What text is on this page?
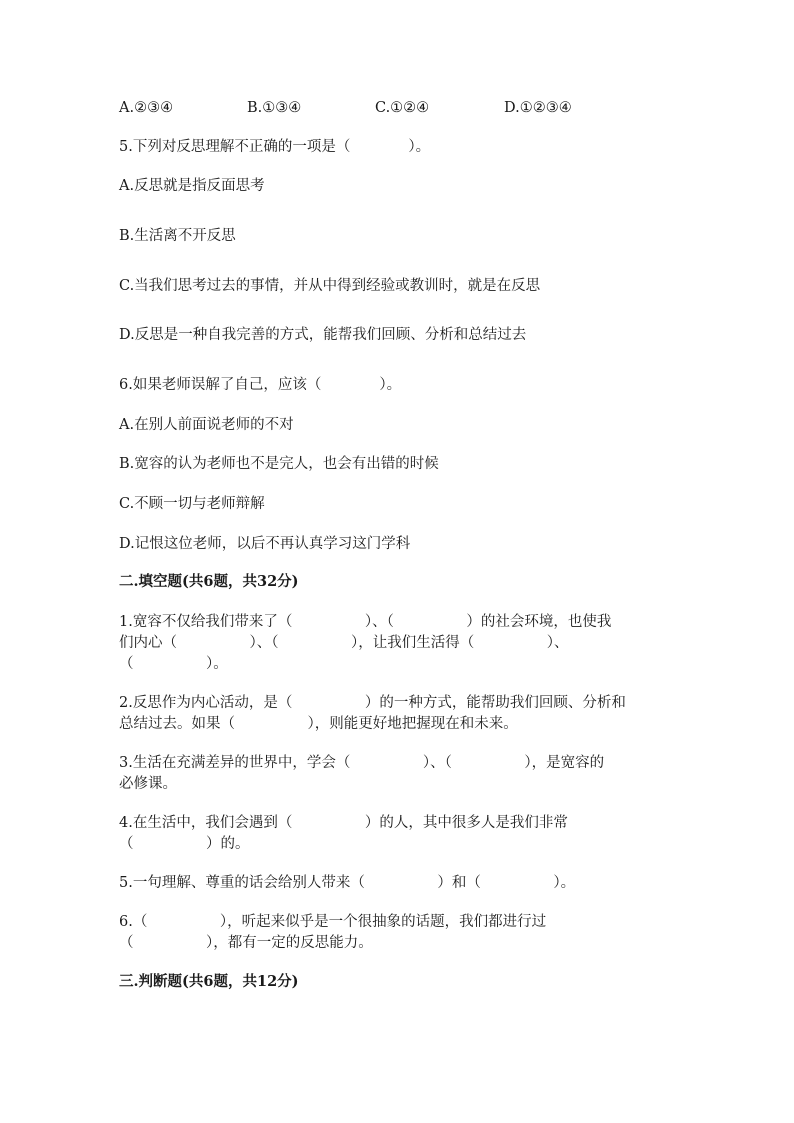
A.②③④	B.①③④	C.①②④	D.①②③④
5.下列对反思理解不正确的一项是（　　　　）。
A.反思就是指反面思考
B.生活离不开反思
C.当我们思考过去的事情，并从中得到经验或教训时，就是在反思
D.反思是一种自我完善的方式，能帮我们回顾、分析和总结过去
6.如果老师误解了自己，应该（　　　　）。
A.在别人前面说老师的不对
B.宽容的认为老师也不是完人，也会有出错的时候
C.不顾一切与老师辩解
D.记恨这位老师，以后不再认真学习这门学科
二.填空题(共6题，共32分)
1.宽容不仅给我们带来了（　　　　　）、（　　　　　）的社会环境，也使我
们内心（　　　　　）、（　　　　　），让我们生活得（　　　　　）、
（　　　　　）。
2.反思作为内心活动，是（　　　　　）的一种方式，能帮助我们回顾、分析和
总结过去。如果（　　　　　），则能更好地把握现在和未来。
3.生活在充满差异的世界中，学会（　　　　　）、（　　　　　），是宽容的
必修课。
4.在生活中，我们会遇到（　　　　　）的人，其中很多人是我们非常
（　　　　　）的。
5.一句理解、尊重的话会给别人带来（　　　　　）和（　　　　　）。
6.（　　　　　），听起来似乎是一个很抽象的话题，我们都进行过
（　　　　　），都有一定的反思能力。
三.判断题(共6题，共12分)
